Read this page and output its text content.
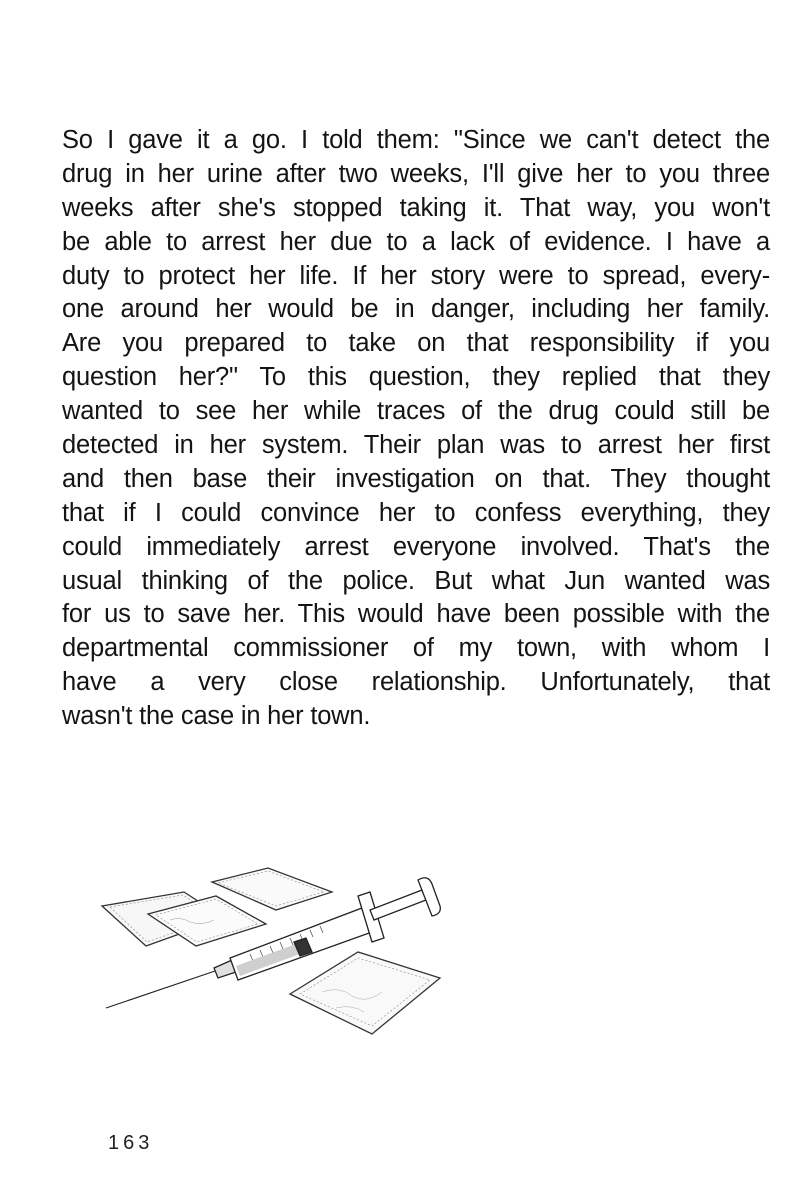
So I gave it a go. I told them: "Since we can't detect the
drug in her urine after two weeks, I'll give her to you three
weeks after she's stopped taking it. That way, you won't
be able to arrest her due to a lack of evidence. I have a
duty to protect her life. If her story were to spread, every-
one around her would be in danger, including her family.
Are you prepared to take on that responsibility if you
question her?" To this question, they replied that they
wanted to see her while traces of the drug could still be
detected in her system. Their plan was to arrest her first
and then base their investigation on that. They thought
that if I could convince her to confess everything, they
could immediately arrest everyone involved. That's the
usual thinking of the police. But what Jun wanted was
for us to save her. This would have been possible with the
departmental commissioner of my town, with whom I
have a very close relationship. Unfortunately, that
wasn't the case in her town.
163
